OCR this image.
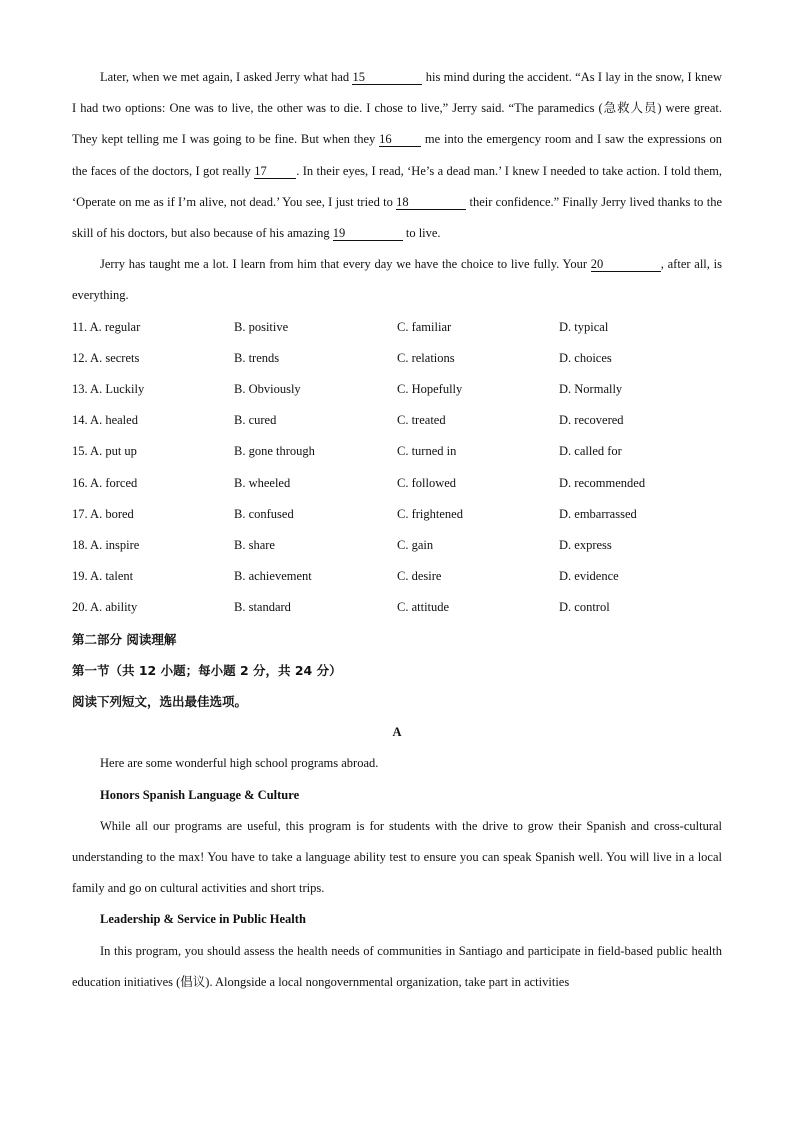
Later, when we met again, I asked Jerry what had 15	his mind during the accident. “As I lay in the snow, I knew I had two options: One was to live, the other was to die. I chose to live,” Jerry said. “The paramedics (急救人员) were great. They kept telling me I was going to be fine. But when they 16 me into the emergency room and I saw the expressions on the faces of the doctors, I got really 17 . In their eyes, I read, ‘He’s a dead man.’ I knew I needed to take action. I told them, ‘Operate on me as if I’m alive, not dead.’ You see, I just tried to 18	their confidence.” Finally Jerry lived thanks to the skill of his doctors, but also because of his amazing 19	to live.

Jerry has taught me a lot. I learn from him that every day we have the choice to live fully. Your 20	, after all, is everything.

11. A. regular	B. positive	C. familiar	D. typical
12. A. secrets	B. trends	C. relations	D. choices
13. A. Luckily	B. Obviously	C. Hopefully	D. Normally
14. A. healed	B. cured	C. treated	D. recovered
15. A. put up	B. gone through	C. turned in	D. called for
16. A. forced	B. wheeled	C. followed	D. recommended
17. A. bored	B. confused	C. frightened	D. embarrassed
18. A. inspire	B. share	C. gain	D. express
19. A. talent	B. achievement	C. desire	D. evidence
20. A. ability	B. standard	C. attitude	D. control

第二部分 阅读理解

第一节（共 12 小题；每小题 2 分，共 24 分）

阅读下列短文，选出最佳选项。

A

Here are some wonderful high school programs abroad.

Honors Spanish Language & Culture

While all our programs are useful, this program is for students with the drive to grow their Spanish and cross-cultural understanding to the max! You have to take a language ability test to ensure you can speak Spanish well. You will live in a local family and go on cultural activities and short trips.

Leadership & Service in Public Health

In this program, you should assess the health needs of communities in Santiago and participate in field-based public health education initiatives (倡议). Alongside a local nongovernmental organization, take part in activities
